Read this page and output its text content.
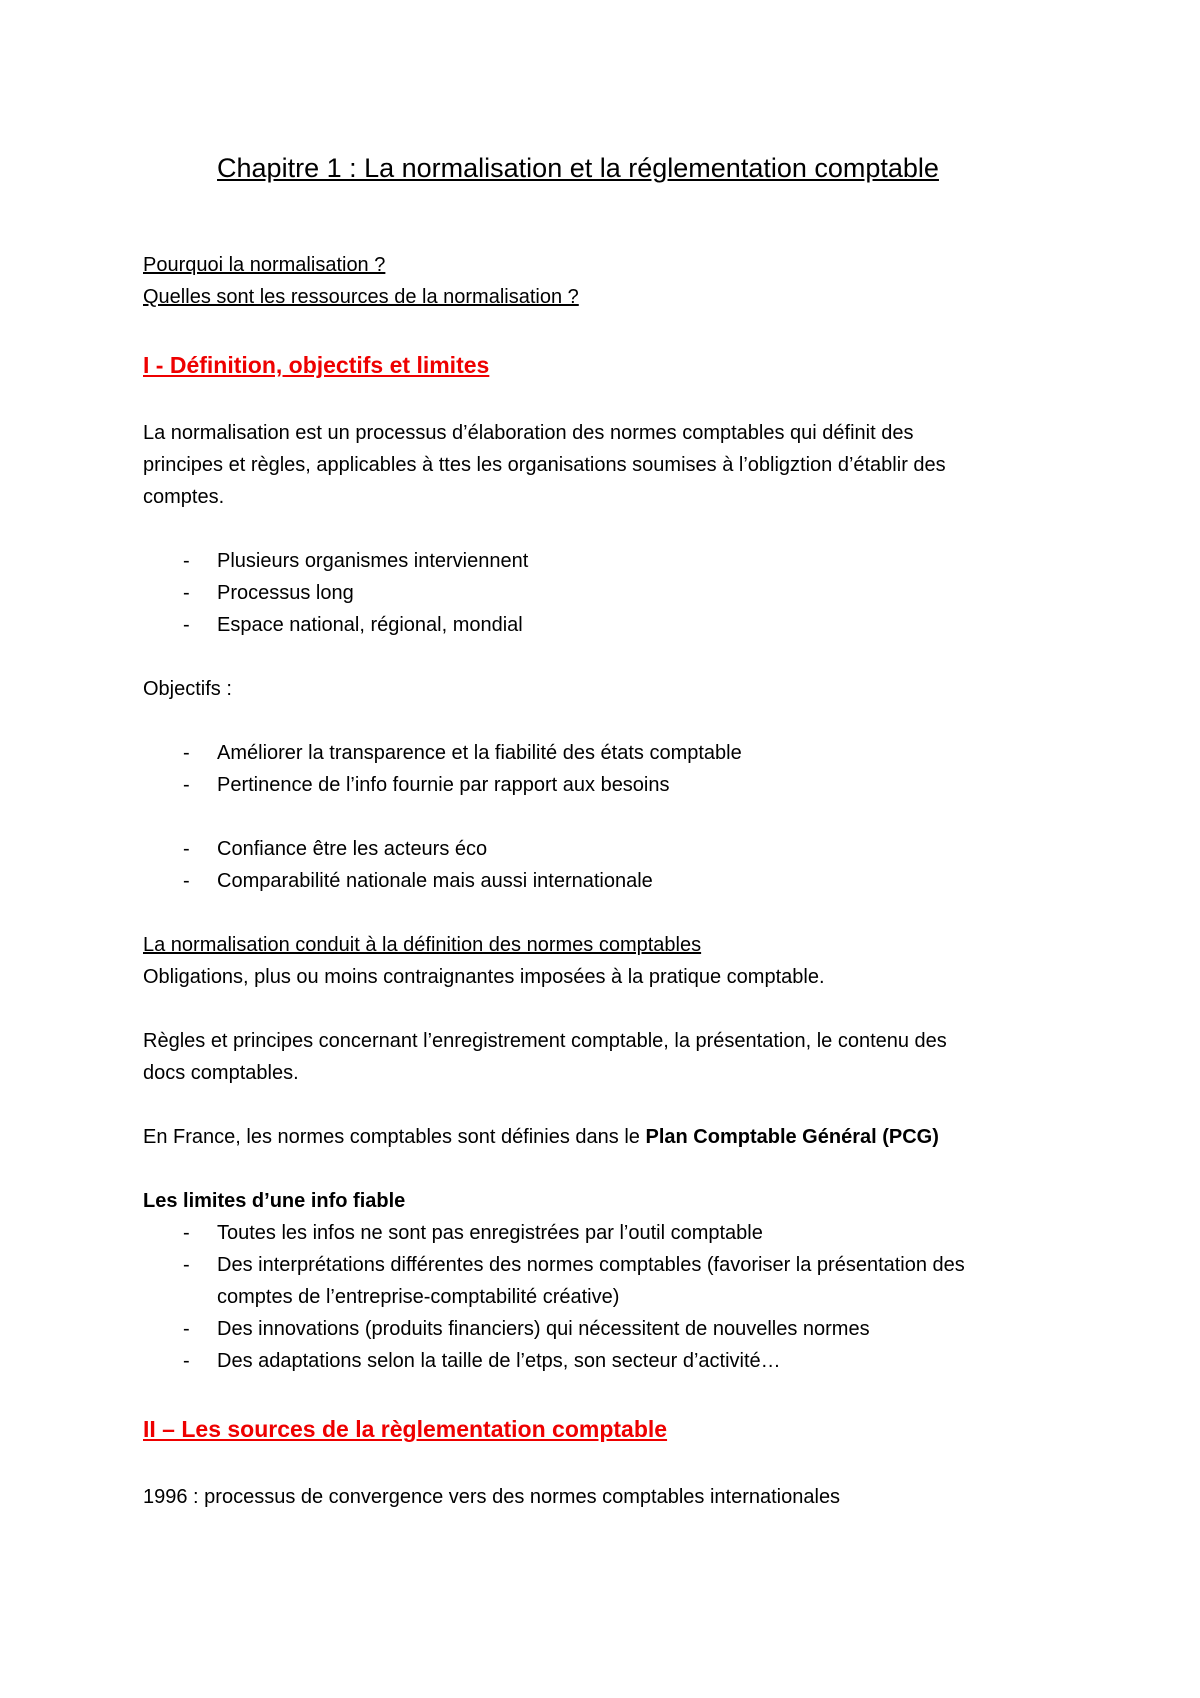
Chapitre 1 : La normalisation et la réglementation comptable
Pourquoi la normalisation ?
Quelles sont les ressources de la normalisation ?
I - Définition, objectifs et limites
La normalisation est un processus d’élaboration des normes comptables qui définit des
principes et règles, applicables à ttes les organisations soumises à l’obligztion d’établir des
comptes.
- Plusieurs organismes interviennent
- Processus long
- Espace national, régional, mondial
Objectifs :
- Améliorer la transparence et la fiabilité des états comptable
- Pertinence de l’info fournie par rapport aux besoins
- Confiance être les acteurs éco
- Comparabilité nationale mais aussi internationale
La normalisation conduit à la définition des normes comptables
Obligations, plus ou moins contraignantes imposées à la pratique comptable.
Règles et principes concernant l’enregistrement comptable, la présentation, le contenu des
docs comptables.
En France, les normes comptables sont définies dans le Plan Comptable Général (PCG)
Les limites d’une info fiable
- Toutes les infos ne sont pas enregistrées par l’outil comptable
- Des interprétations différentes des normes comptables (favoriser la présentation des
comptes de l’entreprise-comptabilité créative)
- Des innovations (produits financiers) qui nécessitent de nouvelles normes
- Des adaptations selon la taille de l’etps, son secteur d’activité…
II – Les sources de la règlementation comptable
1996 : processus de convergence vers des normes comptables internationales
